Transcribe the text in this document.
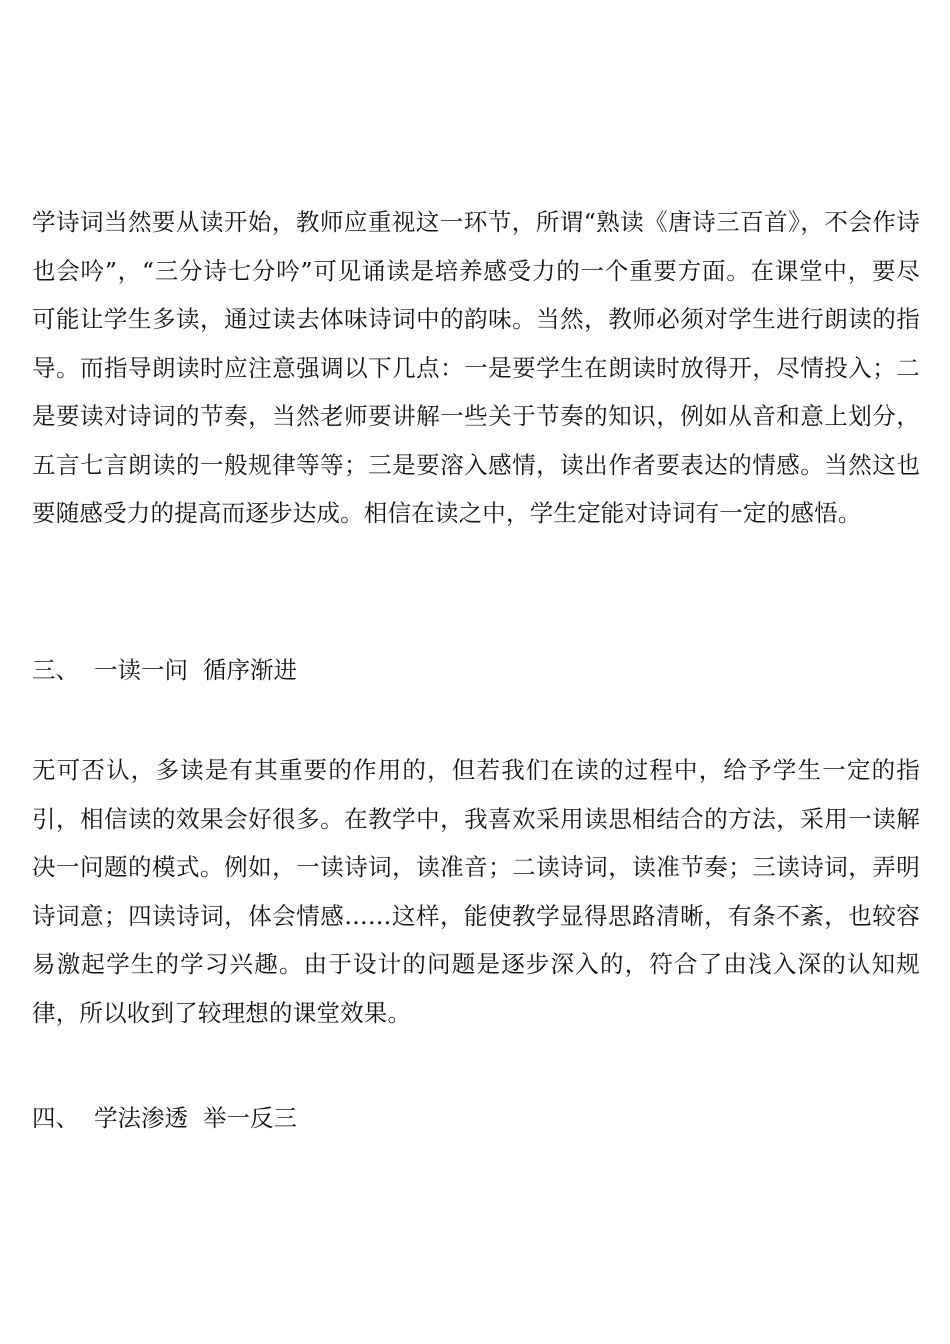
学诗词当然要从读开始，教师应重视这一环节，所谓“熟读《唐诗三百首》，不会作诗也会吟”，“三分诗七分吟”可见诵读是培养感受力的一个重要方面。在课堂中，要尽可能让学生多读，通过读去体味诗词中的韵味。当然，教师必须对学生进行朗读的指导。而指导朗读时应注意强调以下几点：一是要学生在朗读时放得开，尽情投入；二是要读对诗词的节奏，当然老师要讲解一些关于节奏的知识，例如从音和意上划分，五言七言朗读的一般规律等等；三是要溶入感情，读出作者要表达的情感。当然这也要随感受力的提高而逐步达成。相信在读之中，学生定能对诗词有一定的感悟。

三、 一读一问  循序渐进

无可否认，多读是有其重要的作用的，但若我们在读的过程中，给予学生一定的指引，相信读的效果会好很多。在教学中，我喜欢采用读思相结合的方法，采用一读解决一问题的模式。例如，一读诗词，读准音；二读诗词，读准节奏；三读诗词，弄明诗词意；四读诗词，体会情感……这样，能使教学显得思路清晰，有条不紊，也较容易激起学生的学习兴趣。由于设计的问题是逐步深入的，符合了由浅入深的认知规律，所以收到了较理想的课堂效果。

四、 学法渗透  举一反三
